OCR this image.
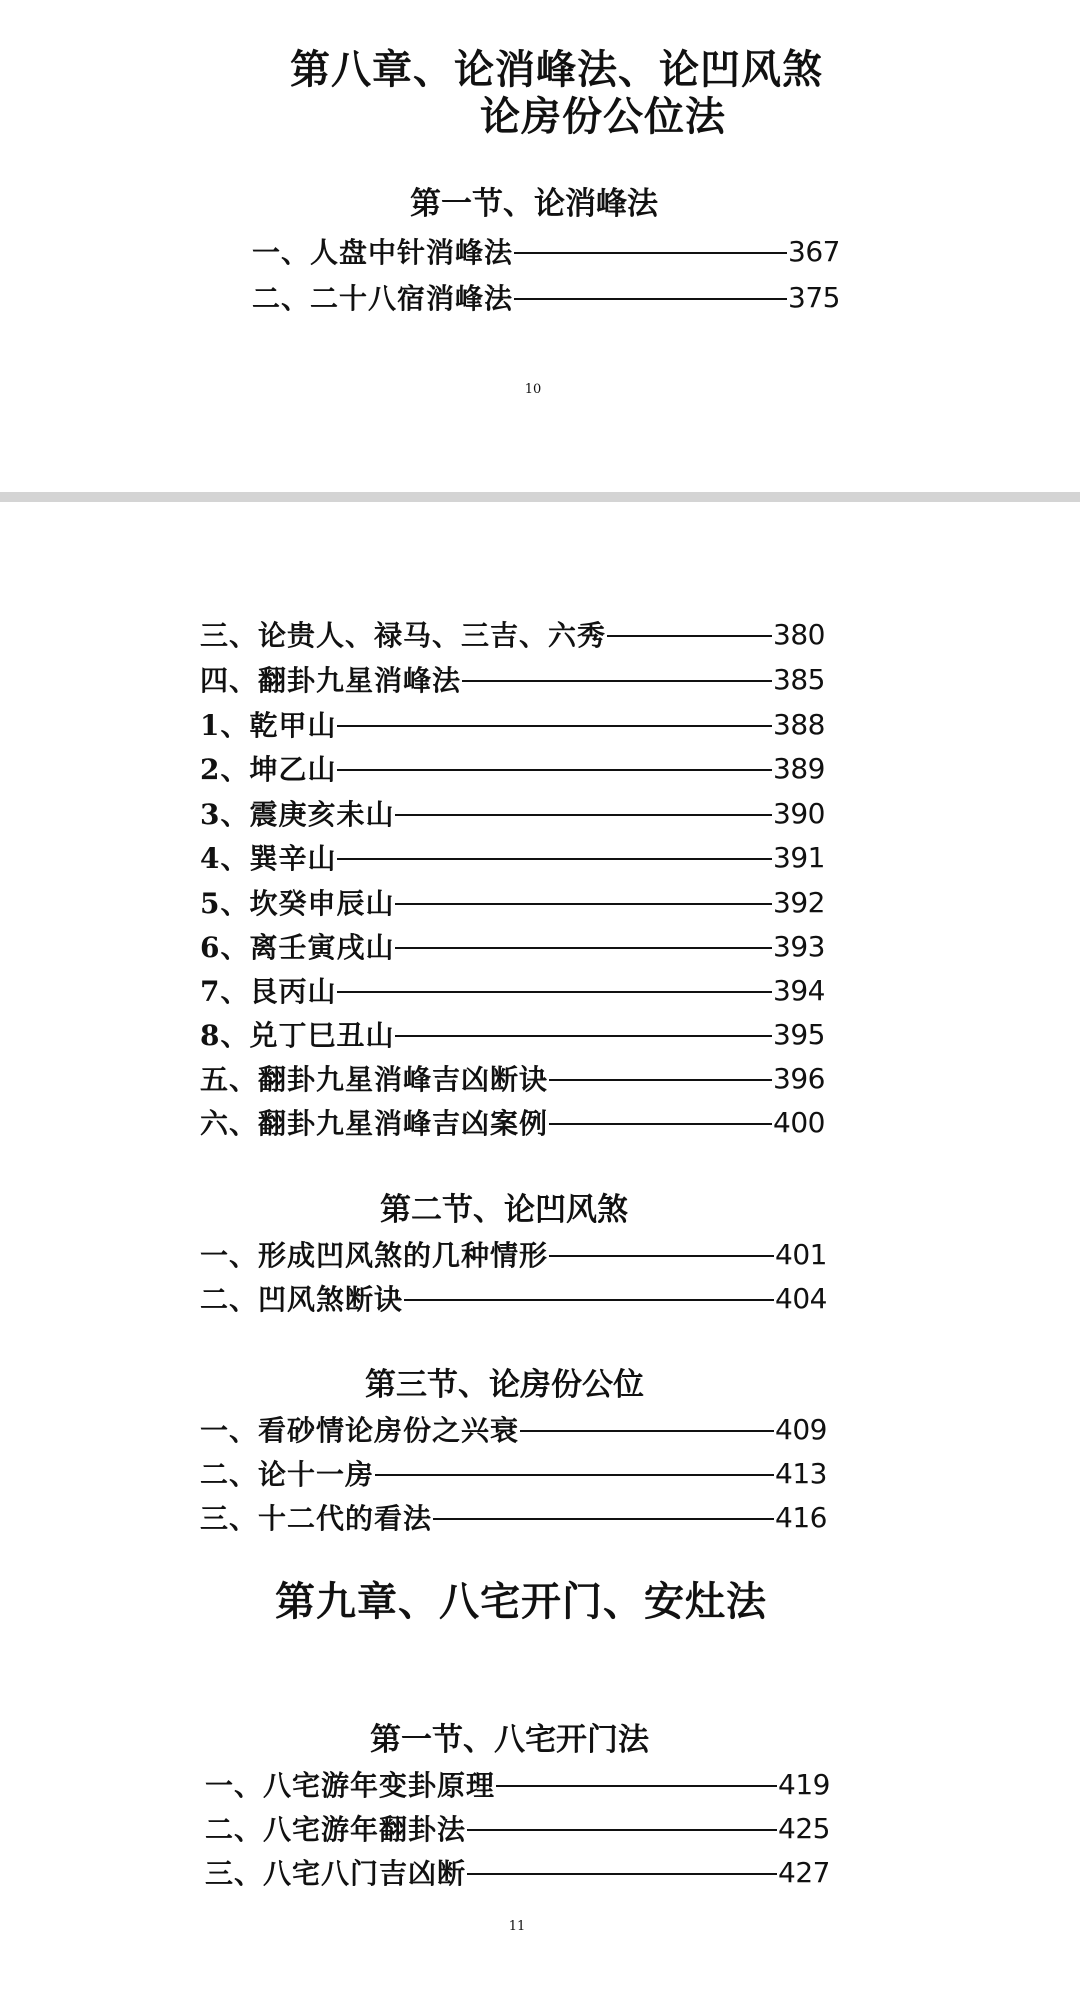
第八章、论消峰法、论凹风煞
论房份公位法
第一节、论消峰法
一、人盘中针消峰法	367
二、二十八宿消峰法	375
10
三、论贵人、禄马、三吉、六秀	380
四、翻卦九星消峰法	385
1、乾甲山	388
2、坤乙山	389
3、震庚亥未山	390
4、巽辛山	391
5、坎癸申辰山	392
6、离壬寅戌山	393
7、艮丙山	394
8、兑丁巳丑山	395
五、翻卦九星消峰吉凶断诀	396
六、翻卦九星消峰吉凶案例	400
第二节、论凹风煞
一、形成凹风煞的几种情形	401
二、凹风煞断诀	404
第三节、论房份公位
一、看砂情论房份之兴衰	409
二、论十一房	413
三、十二代的看法	416
第九章、八宅开门、安灶法
第一节、八宅开门法
一、八宅游年变卦原理	419
二、八宅游年翻卦法	425
三、八宅八门吉凶断	427
11
